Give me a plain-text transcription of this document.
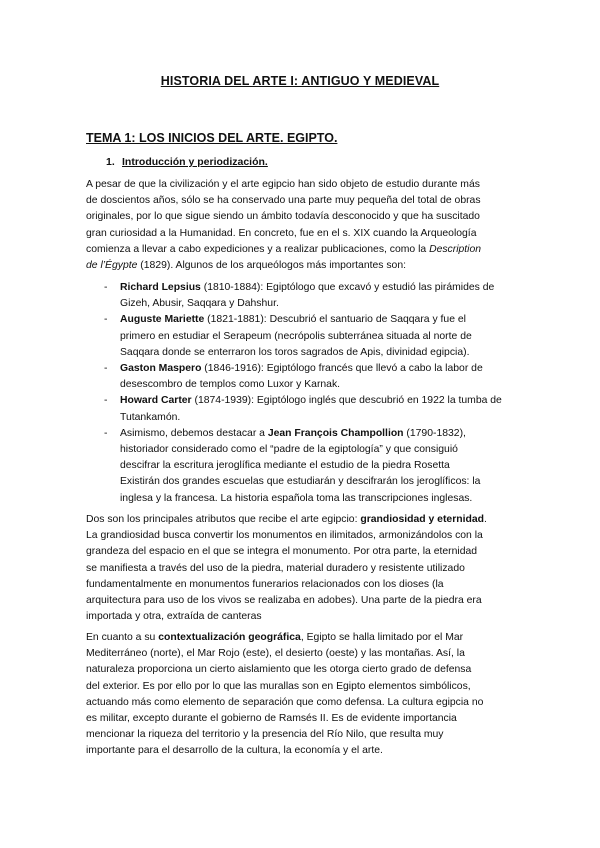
HISTORIA DEL ARTE I: ANTIGUO Y MEDIEVAL
TEMA 1: LOS INICIOS DEL ARTE. EGIPTO.
1. Introducción y periodización.
A pesar de que la civilización y el arte egipcio han sido objeto de estudio durante más
de doscientos años, sólo se ha conservado una parte muy pequeña del total de obras
originales, por lo que sigue siendo un ámbito todavía desconocido y que ha suscitado
gran curiosidad a la Humanidad. En concreto, fue en el s. XIX cuando la Arqueología
comienza a llevar a cabo expediciones y a realizar publicaciones, como la Description
de l’Égypte (1829). Algunos de los arqueólogos más importantes son:
- Richard Lepsius (1810-1884): Egiptólogo que excavó y estudió las pirámides de
Gizeh, Abusir, Saqqara y Dahshur.
- Auguste Mariette (1821-1881): Descubrió el santuario de Saqqara y fue el
primero en estudiar el Serapeum (necrópolis subterránea situada al norte de
Saqqara donde se enterraron los toros sagrados de Apis, divinidad egipcia).
- Gaston Maspero (1846-1916): Egiptólogo francés que llevó a cabo la labor de
desescombro de templos como Luxor y Karnak.
- Howard Carter (1874-1939): Egiptólogo inglés que descubrió en 1922 la tumba de
Tutankamón.
- Asimismo, debemos destacar a Jean François Champollion (1790-1832),
historiador considerado como el “padre de la egiptología” y que consiguió
descifrar la escritura jeroglífica mediante el estudio de la piedra Rosetta
Existirán dos grandes escuelas que estudiarán y descifrarán los jeroglíficos: la
inglesa y la francesa. La historia española toma las transcripciones inglesas.
Dos son los principales atributos que recibe el arte egipcio: grandiosidad y eternidad.
La grandiosidad busca convertir los monumentos en ilimitados, armonizándolos con la
grandeza del espacio en el que se integra el monumento. Por otra parte, la eternidad
se manifiesta a través del uso de la piedra, material duradero y resistente utilizado
fundamentalmente en monumentos funerarios relacionados con los dioses (la
arquitectura para uso de los vivos se realizaba en adobes). Una parte de la piedra era
importada y otra, extraída de canteras
En cuanto a su contextualización geográfica, Egipto se halla limitado por el Mar
Mediterráneo (norte), el Mar Rojo (este), el desierto (oeste) y las montañas. Así, la
naturaleza proporciona un cierto aislamiento que les otorga cierto grado de defensa
del exterior. Es por ello por lo que las murallas son en Egipto elementos simbólicos,
actuando más como elemento de separación que como defensa. La cultura egipcia no
es militar, excepto durante el gobierno de Ramsés II. Es de evidente importancia
mencionar la riqueza del territorio y la presencia del Río Nilo, que resulta muy
importante para el desarrollo de la cultura, la economía y el arte.
